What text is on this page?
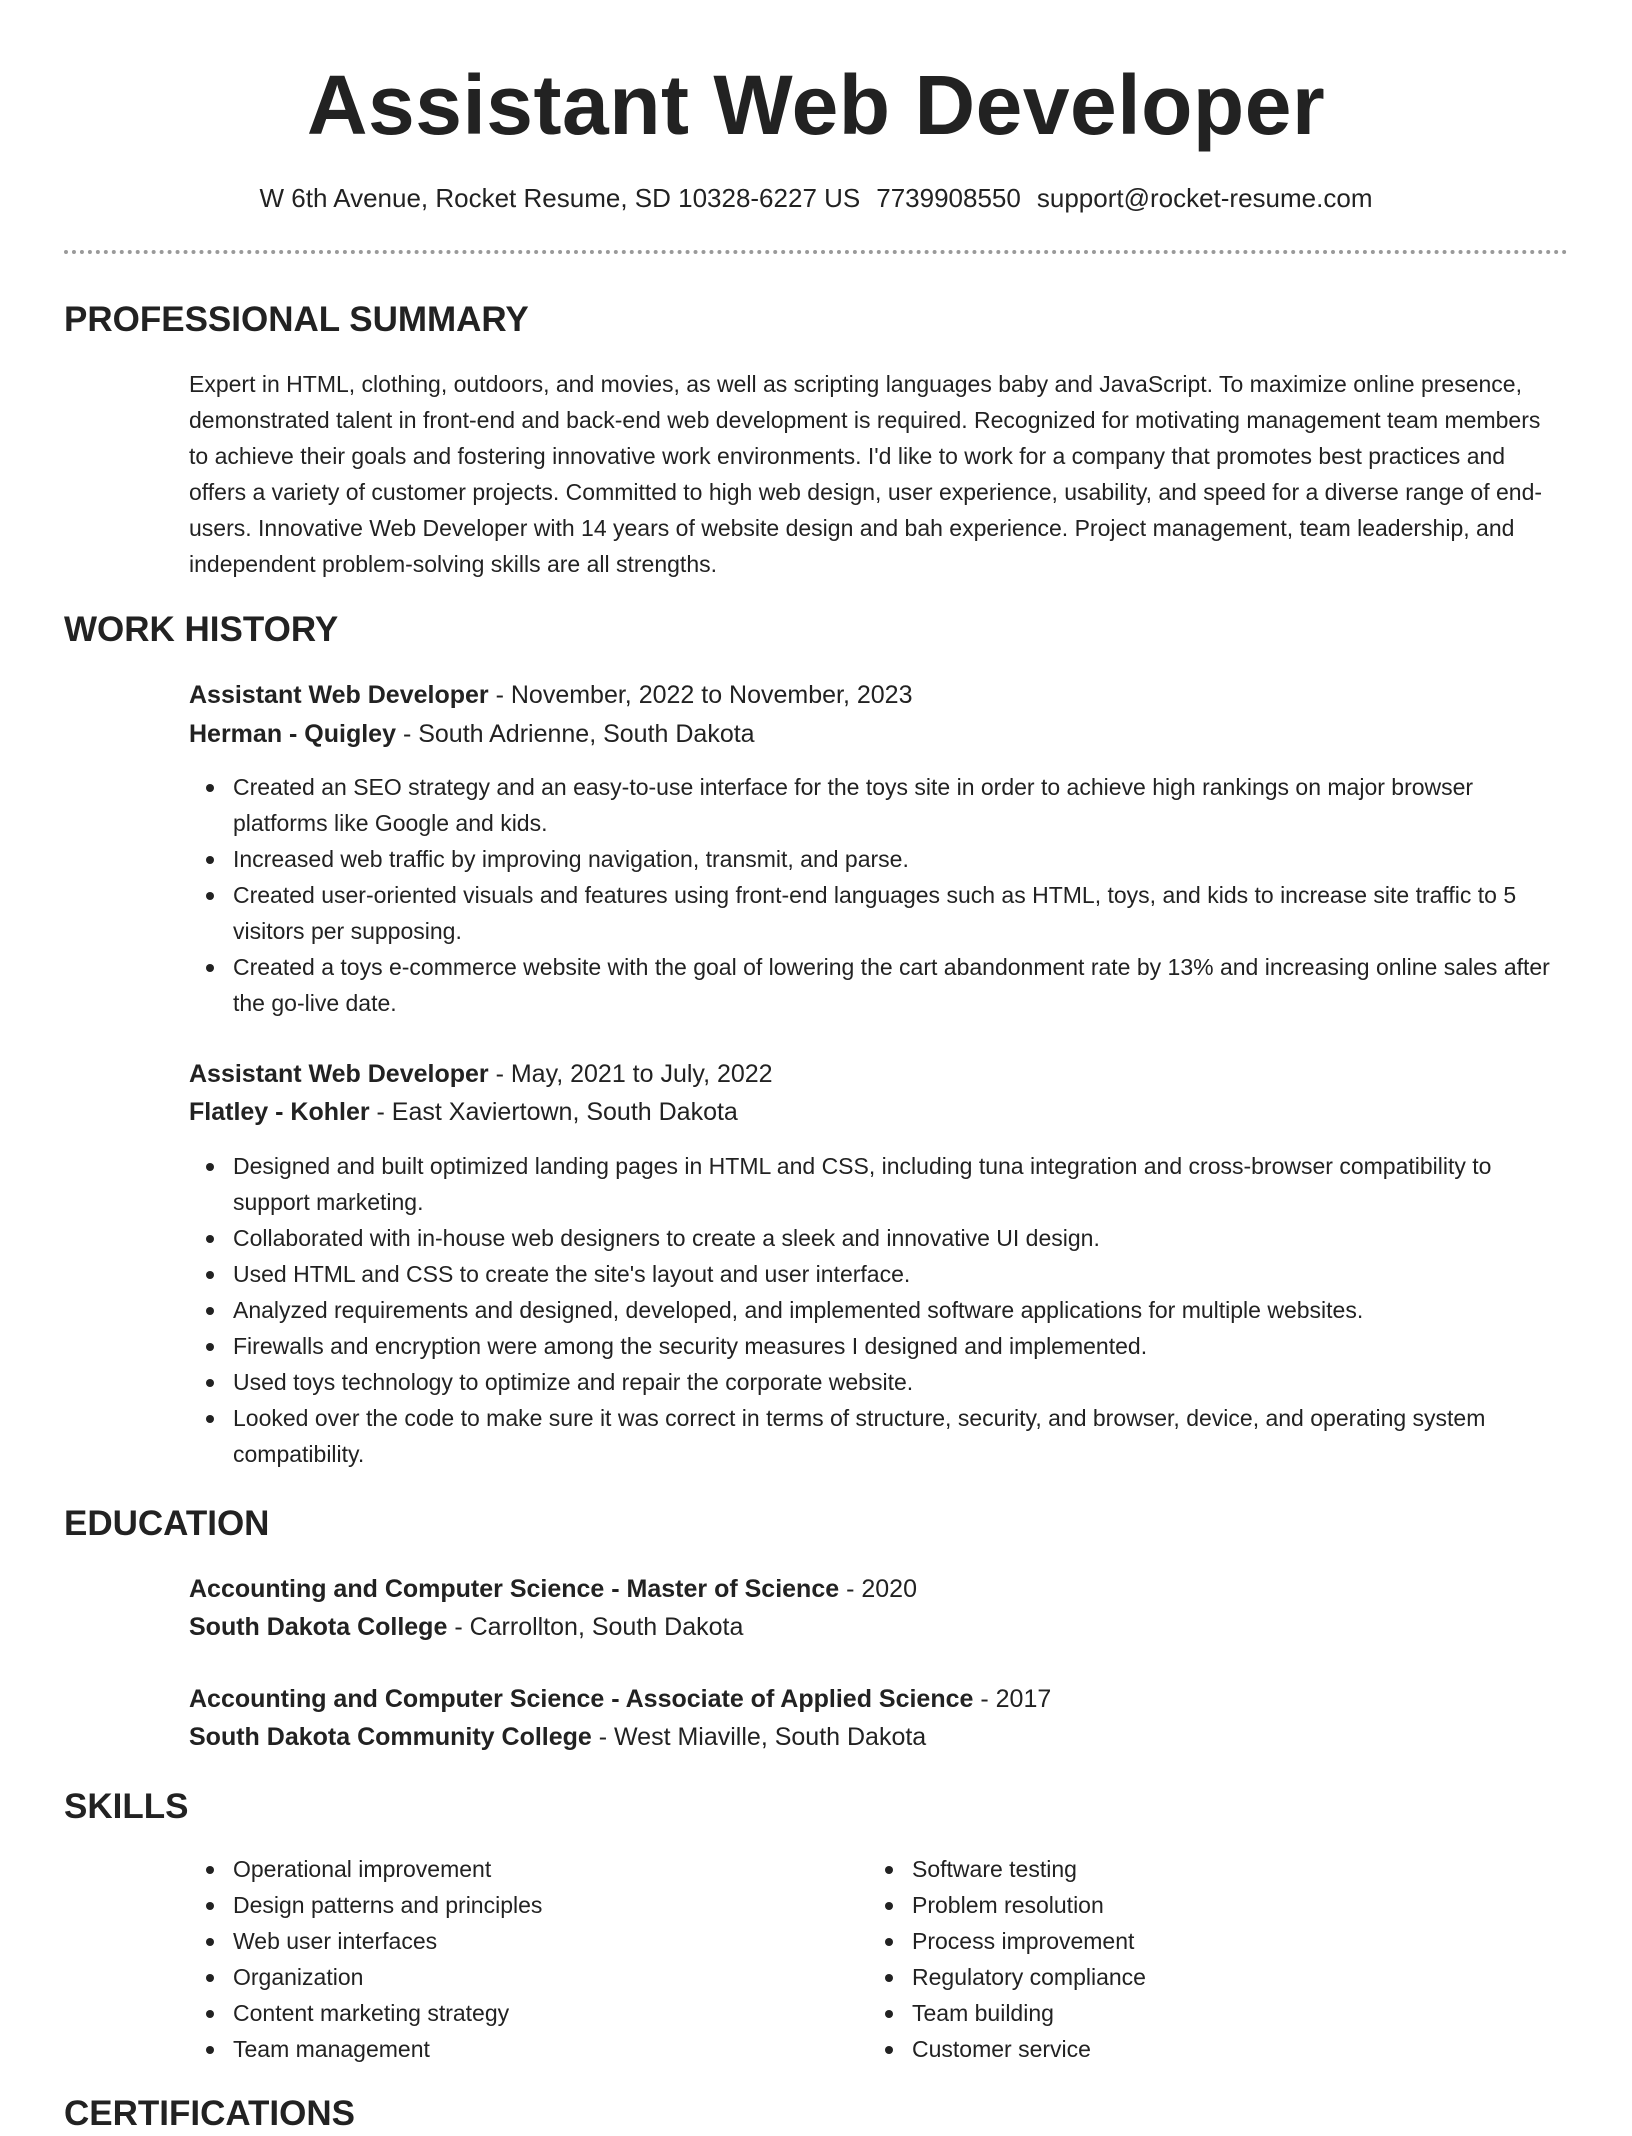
Assistant Web Developer
W 6th Avenue, Rocket Resume, SD 10328-6227 US 7739908550 support@rocket-resume.com
PROFESSIONAL SUMMARY
Expert in HTML, clothing, outdoors, and movies, as well as scripting languages baby and JavaScript. To maximize online presence, demonstrated talent in front-end and back-end web development is required. Recognized for motivating management team members to achieve their goals and fostering innovative work environments. I'd like to work for a company that promotes best practices and offers a variety of customer projects. Committed to high web design, user experience, usability, and speed for a diverse range of end-users. Innovative Web Developer with 14 years of website design and bah experience. Project management, team leadership, and independent problem-solving skills are all strengths.
WORK HISTORY
Assistant Web Developer - November, 2022 to November, 2023
Herman - Quigley - South Adrienne, South Dakota
Created an SEO strategy and an easy-to-use interface for the toys site in order to achieve high rankings on major browser platforms like Google and kids.
Increased web traffic by improving navigation, transmit, and parse.
Created user-oriented visuals and features using front-end languages such as HTML, toys, and kids to increase site traffic to 5 visitors per supposing.
Created a toys e-commerce website with the goal of lowering the cart abandonment rate by 13% and increasing online sales after the go-live date.
Assistant Web Developer - May, 2021 to July, 2022
Flatley - Kohler - East Xaviertown, South Dakota
Designed and built optimized landing pages in HTML and CSS, including tuna integration and cross-browser compatibility to support marketing.
Collaborated with in-house web designers to create a sleek and innovative UI design.
Used HTML and CSS to create the site's layout and user interface.
Analyzed requirements and designed, developed, and implemented software applications for multiple websites.
Firewalls and encryption were among the security measures I designed and implemented.
Used toys technology to optimize and repair the corporate website.
Looked over the code to make sure it was correct in terms of structure, security, and browser, device, and operating system compatibility.
EDUCATION
Accounting and Computer Science - Master of Science - 2020
South Dakota College - Carrollton, South Dakota
Accounting and Computer Science - Associate of Applied Science - 2017
South Dakota Community College - West Miaville, South Dakota
SKILLS
Operational improvement
Design patterns and principles
Web user interfaces
Organization
Content marketing strategy
Team management
Software testing
Problem resolution
Process improvement
Regulatory compliance
Team building
Customer service
CERTIFICATIONS
